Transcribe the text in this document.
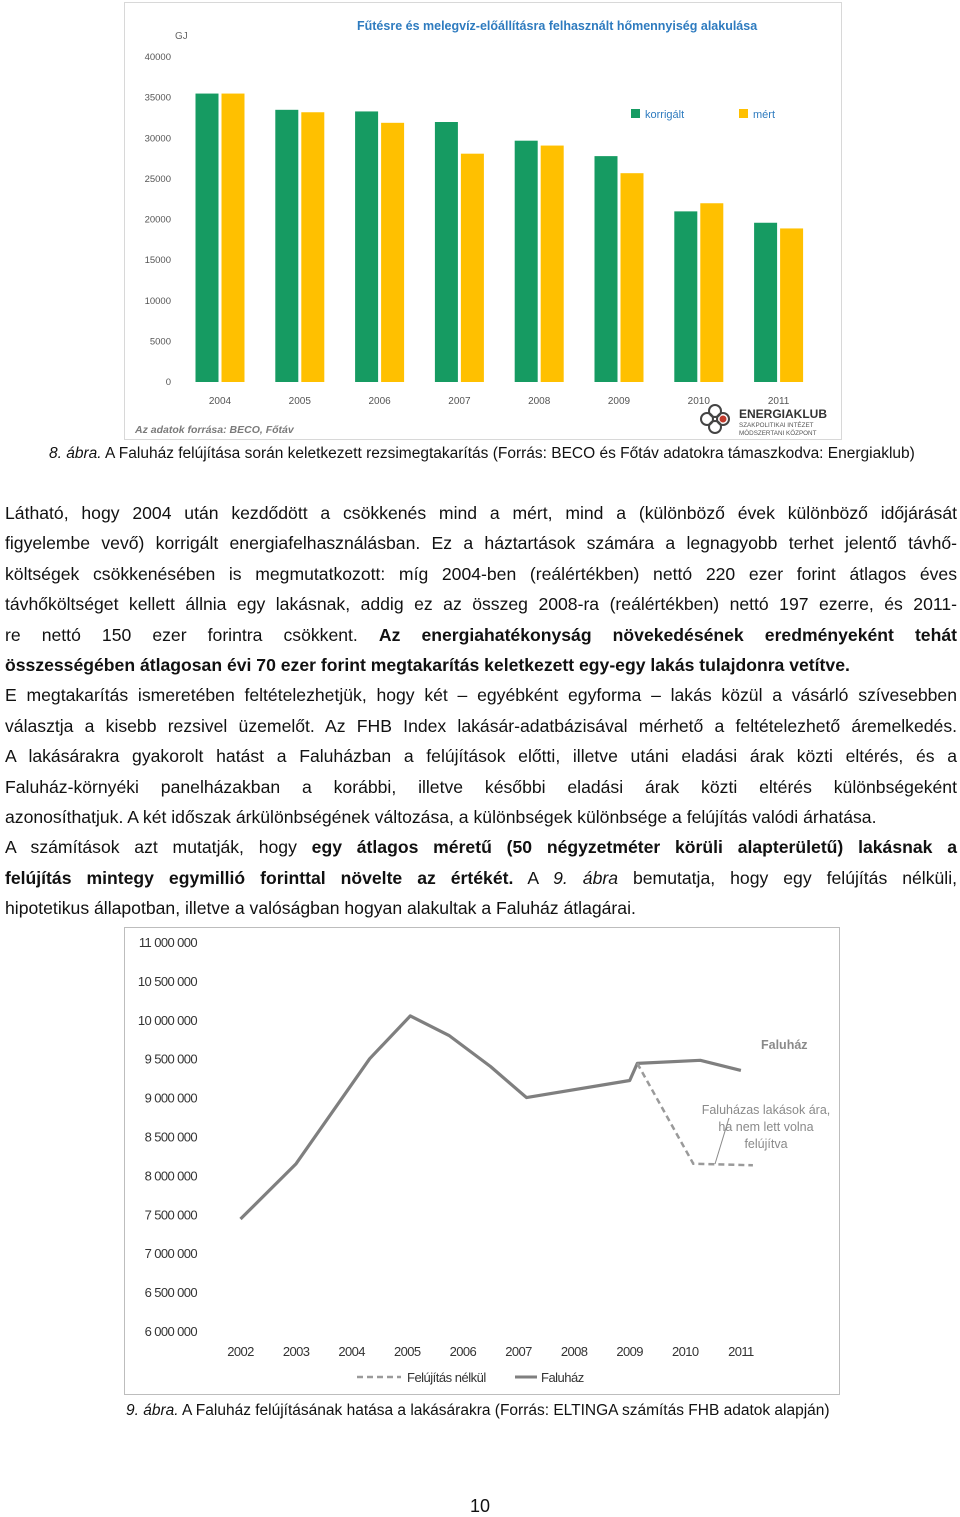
Fűtésre és melegvíz-előállításra felhasznált hőmennyiség alakulása
GJ
0
5000
10000
15000
20000
25000
30000
35000
40000
2004	2005	2006	2007	2008	2009	2010	2011
korrigált	mért
Az adatok forrása: BECO, Főtáv
ENERGIAKLUB
SZAKPOLITIKAI INTÉZET
MÓDSZERTANI KÖZPONT
8. ábra. A Faluház felújítása során keletkezett rezsimegtakarítás (Forrás: BECO és Főtáv adatokra támaszkodva: Energiaklub)
Látható, hogy 2004 után kezdődött a csökkenés mind a mért, mind a (különböző évek különböző időjárását
figyelembe vevő) korrigált energiafelhasználásban. Ez a háztartások számára a legnagyobb terhet jelentő távhő-
költségek csökkenésében is megmutatkozott: míg 2004-ben (reálértékben) nettó 220 ezer forint átlagos éves
távhőköltséget kellett állnia egy lakásnak, addig ez az összeg 2008-ra (reálértékben) nettó 197 ezerre, és 2011-
re nettó 150 ezer forintra csökkent. Az energiahatékonyság növekedésének eredményeként tehát
összességében átlagosan évi 70 ezer forint megtakarítás keletkezett egy-egy lakás tulajdonra vetítve.
E megtakarítás ismeretében feltételezhetjük, hogy két – egyébként egyforma – lakás közül a vásárló szívesebben
választja a kisebb rezsivel üzemelőt. Az FHB Index lakásár-adatbázisával mérhető a feltételezhető áremelkedés.
A lakásárakra gyakorolt hatást a Faluházban a felújítások előtti, illetve utáni eladási árak közti eltérés, és a
Faluház-környéki panelházakban a korábbi, illetve későbbi eladási árak közti eltérés különbségeként
azonosíthatjuk. A két időszak árkülönbségének változása, a különbségek különbsége a felújítás valódi árhatása.
A számítások azt mutatják, hogy egy átlagos méretű (50 négyzetméter körüli alapterületű) lakásnak a
felújítás mintegy egymillió forinttal növelte az értékét. A 9. ábra bemutatja, hogy egy felújítás nélküli,
hipotetikus állapotban, illetve a valóságban hogyan alakultak a Faluház átlagárai.
6 000 000
6 500 000
7 000 000
7 500 000
8 000 000
8 500 000
9 000 000
9 500 000
10 000 000
10 500 000
11 000 000
2002 2003 2004 2005 2006 2007 2008 2009 2010 2011
Faluház
Faluházas lakások ára,
ha nem lett volna
felújítva
Felújítás nélkül	Faluház
9. ábra. A Faluház felújításának hatása a lakásárakra (Forrás: ELTINGA számítás FHB adatok alapján)
10
